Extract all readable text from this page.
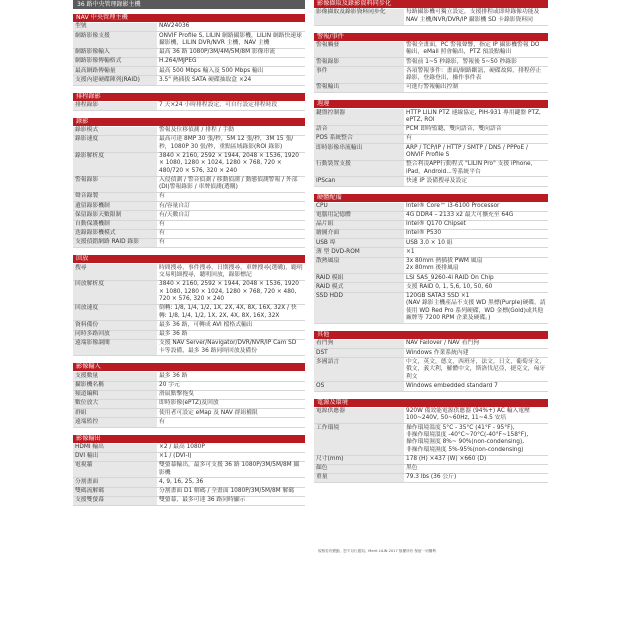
36 路中央管理錄影主機
NAV 中央管理主機
型號	NAV24036
網路影像支援	ONVIF Profile S, LILIN 網路攝影機，LILIN 網路快速球攝影機，LILIN DVR/NVR 主機，NAV 主機
網路影像輸入	最高 36 路 1080P/3M/4M/5M/8M 影像串流
網路影像傳輸格式	H.264/MJPEG
最高網路傳輸量	最高 500 Mbps 輸入及 500 Mbps 輸出
支援內建硬碟陣列(RAID)	3.5" 熱插拔 SATA 硬碟抽取盒 ×24
排程錄影
排程錄影	7 天×24 小時排程設定，可自行設定排程時段
錄影
錄影模式	警報及位移偵測 / 排程 / 手動
錄影速度	最高可達 8MP 30 張/秒，5M 12 張/秒，3M 15 張/秒，1080P 30 張/秒，重點區域錄影(ROI 錄影)
錄影解析度	3840 × 2160, 2592 × 1944, 2048 × 1536, 1920 × 1080, 1280 × 1024, 1280 × 768, 720 × 480/720 × 576, 320 × 240
警報錄影	入侵偵測 / 警音偵測 / 移動偵測 / 動態偵測警報 / 外部(DI)警報錄影 / 車牌偵測(選購)
聲音錄製	有
遺留錄影機制	有/容量自訂
保留錄影天數限制	有/天數自訂
自動保護機制	有
迭錄錄影機模式	有
支援偵錯網路 RAID 錄影	有
回放
搜尋	時間搜尋，事件搜尋，日期搜尋，車牌搜尋(選購)，聽明交易明細搜尋，聽明回放，錄影標記
回放解析度	3840 × 2160, 2592 × 1944, 2048 × 1536, 1920 × 1080, 1280 × 1024, 1280 × 768, 720 × 480, 720 × 576, 320 × 240
回放速度	倒轉: 1/8, 1/4, 1/2, 1X, 2X, 4X, 8X, 16X, 32X / 快轉: 1/8, 1/4, 1/2, 1X, 2X, 4X, 8X, 16X, 32X
資料備份	最多 36 路，可轉成 AVI 檔格式輸出
同時多路回放	最多 36 路
遠端影像調閱	支援 NAV Server/Navigator/DVR/NVR/IP Cam SD 卡等設備，最多 36 路同時回放及備份
影像輸入
支援數量	最多 36 路
攝影機名稱	20 字元
頻道編輯	滑鼠點擊拖曳
數位放大	即時影像(ePTZ)及回放
群組	使用者可設定 eMap 及 NAV 群組權限
遠端監控	有
影像輸出
HDMI 輸出	×2 / 最高 1080P
DVI 輸出	×1 / (DVI-I)
電視牆	雙螢幕輸出，最多可支援 36 路 1080P/3M/5M/8M 攝影機
分割畫面	4, 9, 16, 25, 36
雙碼流解碼	分割畫面 D1 解碼 / 全畫面 1080P/3M/5M/8M 解碼
支援雙螢幕	雙螢幕，最多可達 36 路同時顯示
影像擷取及錄影資料同步化
影像擷取及錄影資料同步化	每路攝影機可獨立設定，支援排程或即時錄像功能及 NAV 主機/NVR/DVR/IP 攝影機 SD 卡錄影資料同
警報/事件
警報觸發	警報全畫面，PC 警報聲響，指定 IP 攝影機警報 DO 輸出，eMail 照會輸出，PTZ 預設點輸出
警報錄影	警報前 1~5 秒錄影，警報後 5~50 秒錄影
事件	各項警報事件：畫面/網路斷訊，硬碟故障，排程停止錄影，登錄登出，操作事件表
警報輸出	可進行警報輸出控制
週邊
鍵盤控制器	HTTP LILIN PTZ 連線協定, PIH-931 專用鍵盤 PTZ, ePTZ, ROI
語音	PCM 即時監聽，雙向語音，雙向語音
POS 系統整合	有
即時影像串流輸出	ARP / TCP/IP / HTTP / SMTP / DNS / PPPoE / ONVIF Profile S
行動裝置支援	整合利凌APP行動程式 "LILIN Pro" 支援 iPhone，iPad，Android...等系統平台
IPScan	快速 IP 設備搜尋及設定
硬體配備
CPU	Intel® Core™ i3-6100 Processor
電腦用記憶體	4G DDR4 – 2133 x2 最大可擴充至 64G
晶片組	Intel® Q170 Chipset
繪圖介面	Intel® P530
USB 埠	USB 3.0 × 10 組
薄 型 DVD-ROM	×1
散熱風扇	3x 80mm 熱插拔 PWM 風扇
2x 80mm 後排風扇
RAID 模組	LSI SAS_9260-4i RAID On Chip
RAID 模式	支援 RAID 0, 1, 5,6, 10, 50, 60
SSD HDD	120GB SATA3 SSD ×1
(NAV 錄影主機產品不支援 WD 黑標(Purple)硬碟，請使用 WD Red Pro 系列硬碟，WD 金標(Gold)或其他廠牌等 7200 RPM 企業及硬碟。)
其他
看門狗	NAV Failover / NAV 看門狗
DST	Windows 作業系統內建
多國語言	中文，英文，德文，西班牙，法文，日文，葡萄牙文，俄文，義大利，羅體中文，斯洛伐尼亞，捷克文，匈牙利文
OS	Windows embedded standard 7
電源及環境
電源供應器	920W 備效能電源供應器 (94%+) AC 輸入電壓 100~240V, 50~60Hz, 11~4.5 安培
工作環境	操作環境溫度 5°C - 35°C (41°F - 95°F),
非操作環境溫度 -40°C~70°C(-40°F~158°F),
操作環境濕度 8%~ 90%(non-condensing),
非操作環境濕度 5%-95%(non-condensing)
尺寸(mm)	178 (H) ×437 (W) ×660 (D)
顏色	黑色
重量	79.3 lbs (36 公斤)
規格若有變動，恕不另行通知。Merit LILIN 2017 版權所有 保留一切權利
